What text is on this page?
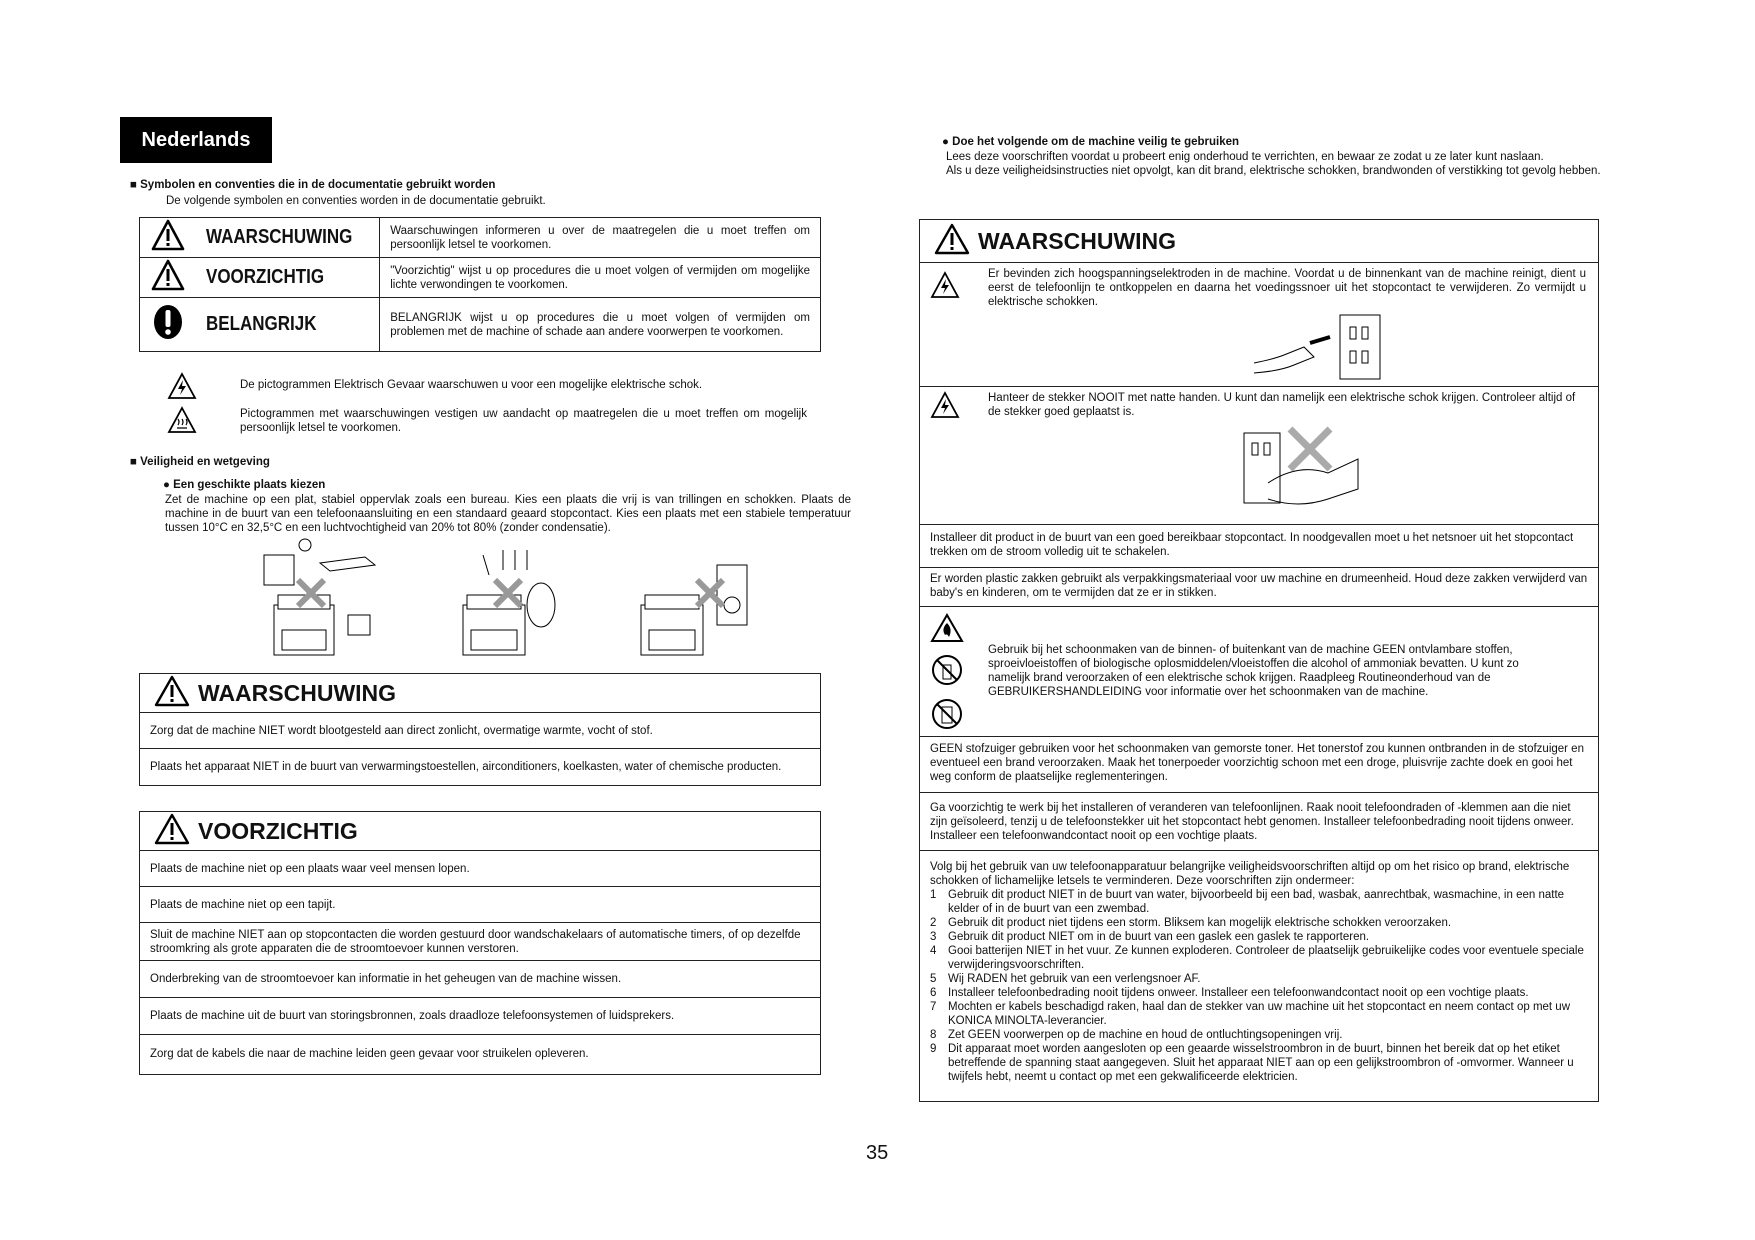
Nederlands
■ Symbolen en conventies die in de documentatie gebruikt worden
De volgende symbolen en conventies worden in de documentatie gebruikt.
	WAARSCHUWING	Waarschuwingen informeren u over de maatregelen die u moet treffen om persoonlijk letsel te voorkomen.
	VOORZICHTIG	"Voorzichtig" wijst u op procedures die u moet volgen of vermijden om mogelijke lichte verwondingen te voorkomen.
	BELANGRIJK	BELANGRIJK wijst u op procedures die u moet volgen of vermijden om problemen met de machine of schade aan andere voorwerpen te voorkomen.
De pictogrammen Elektrisch Gevaar waarschuwen u voor een mogelijke elektrische schok.
Pictogrammen met waarschuwingen vestigen uw aandacht op maatregelen die u moet treffen om mogelijk persoonlijk letsel te voorkomen.
■ Veiligheid en wetgeving
● Een geschikte plaats kiezen
Zet de machine op een plat, stabiel oppervlak zoals een bureau. Kies een plaats die vrij is van trillingen en schokken. Plaats de machine in de buurt van een telefoonaansluiting en een standaard geaard stopcontact. Kies een plaats met een stabiele temperatuur tussen 10°C en 32,5°C en een luchtvochtigheid van 20% tot 80% (zonder condensatie).
WAARSCHUWING
Zorg dat de machine NIET wordt blootgesteld aan direct zonlicht, overmatige warmte, vocht of stof.
Plaats het apparaat NIET in de buurt van verwarmingstoestellen, airconditioners, koelkasten, water of chemische producten.
VOORZICHTIG
Plaats de machine niet op een plaats waar veel mensen lopen.
Plaats de machine niet op een tapijt.
Sluit de machine NIET aan op stopcontacten die worden gestuurd door wandschakelaars of automatische timers, of op dezelfde stroomkring als grote apparaten die de stroomtoevoer kunnen verstoren.
Onderbreking van de stroomtoevoer kan informatie in het geheugen van de machine wissen.
Plaats de machine uit de buurt van storingsbronnen, zoals draadloze telefoonsystemen of luidsprekers.
Zorg dat de kabels die naar de machine leiden geen gevaar voor struikelen opleveren.
● Doe het volgende om de machine veilig te gebruiken
Lees deze voorschriften voordat u probeert enig onderhoud te verrichten, en bewaar ze zodat u ze later kunt naslaan.
Als u deze veiligheidsinstructies niet opvolgt, kan dit brand, elektrische schokken, brandwonden of verstikking tot gevolg hebben.
WAARSCHUWING
Er bevinden zich hoogspanningselektroden in de machine. Voordat u de binnenkant van de machine reinigt, dient u eerst de telefoonlijn te ontkoppelen en daarna het voedingssnoer uit het stopcontact te verwijderen. Zo vermijdt u elektrische schokken.
Hanteer de stekker NOOIT met natte handen. U kunt dan namelijk een elektrische schok krijgen. Controleer altijd of de stekker goed geplaatst is.
Installeer dit product in de buurt van een goed bereikbaar stopcontact. In noodgevallen moet u het netsnoer uit het stopcontact trekken om de stroom volledig uit te schakelen.
Er worden plastic zakken gebruikt als verpakkingsmateriaal voor uw machine en drumeenheid. Houd deze zakken verwijderd van baby's en kinderen, om te vermijden dat ze er in stikken.
Gebruik bij het schoonmaken van de binnen- of buitenkant van de machine GEEN ontvlambare stoffen, sproeivloeistoffen of biologische oplosmiddelen/vloeistoffen die alcohol of ammoniak bevatten. U kunt zo namelijk brand veroorzaken of een elektrische schok krijgen. Raadpleeg Routineonderhoud van de GEBRUIKERSHANDLEIDING voor informatie over het schoonmaken van de machine.
GEEN stofzuiger gebruiken voor het schoonmaken van gemorste toner. Het tonerstof zou kunnen ontbranden in de stofzuiger en eventueel een brand veroorzaken. Maak het tonerpoeder voorzichtig schoon met een droge, pluisvrije zachte doek en gooi het weg conform de plaatselijke reglementeringen.
Ga voorzichtig te werk bij het installeren of veranderen van telefoonlijnen. Raak nooit telefoondraden of -klemmen aan die niet zijn geïsoleerd, tenzij u de telefoonstekker uit het stopcontact hebt genomen. Installeer telefoonbedrading nooit tijdens onweer. Installeer een telefoonwandcontact nooit op een vochtige plaats.
Volg bij het gebruik van uw telefoonapparatuur belangrijke veiligheidsvoorschriften altijd op om het risico op brand, elektrische schokken of lichamelijke letsels te verminderen. Deze voorschriften zijn ondermeer:
1	Gebruik dit product NIET in de buurt van water, bijvoorbeeld bij een bad, wasbak, aanrechtbak, wasmachine, in een natte kelder of in de buurt van een zwembad.
2	Gebruik dit product niet tijdens een storm. Bliksem kan mogelijk elektrische schokken veroorzaken.
3	Gebruik dit product NIET om in de buurt van een gaslek een gaslek te rapporteren.
4	Gooi batterijen NIET in het vuur. Ze kunnen exploderen. Controleer de plaatselijk gebruikelijke codes voor eventuele speciale verwijderingsvoorschriften.
5	Wij RADEN het gebruik van een verlengsnoer AF.
6	Installeer telefoonbedrading nooit tijdens onweer. Installeer een telefoonwandcontact nooit op een vochtige plaats.
7	Mochten er kabels beschadigd raken, haal dan de stekker van uw machine uit het stopcontact en neem contact op met uw KONICA MINOLTA-leverancier.
8	Zet GEEN voorwerpen op de machine en houd de ontluchtingsopeningen vrij.
9	Dit apparaat moet worden aangesloten op een geaarde wisselstroombron in de buurt, binnen het bereik dat op het etiket betreffende de spanning staat aangegeven. Sluit het apparaat NIET aan op een gelijkstroombron of -omvormer. Wanneer u twijfels hebt, neemt u contact op met een gekwalificeerde elektricien.
35
